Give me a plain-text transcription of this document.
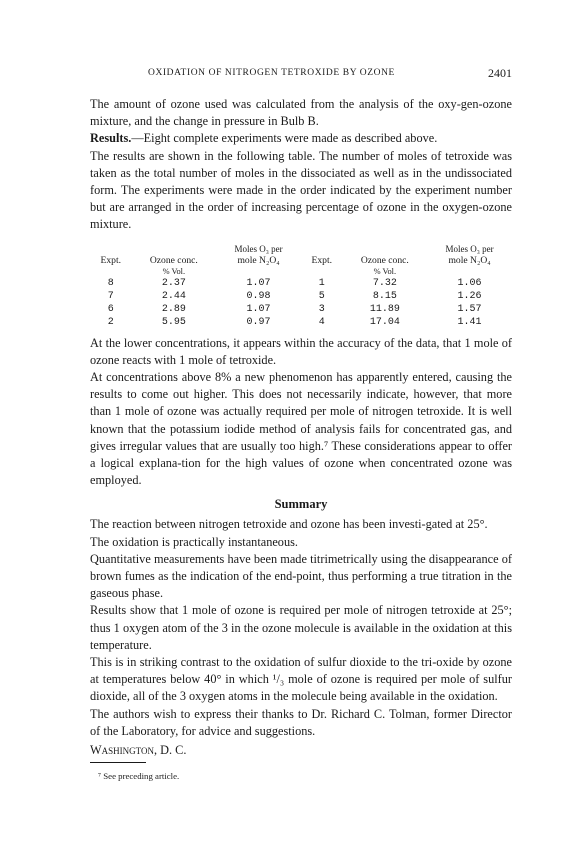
OXIDATION OF NITROGEN TETROXIDE BY OZONE	2401

The amount of ozone used was calculated from the analysis of the oxy-gen-ozone mixture, and the change in pressure in Bulb B.

Results.—Eight complete experiments were made as described above.

The results are shown in the following table. The number of moles of tetroxide was taken as the total number of moles in the dissociated as well as in the undissociated form. The experiments were made in the order indicated by the experiment number but are arranged in the order of increasing percentage of ozone in the oxygen-ozone mixture.

		Moles O₃ per			Moles O₃ per
Expt.	Ozone conc.	mole N₂O₄	Expt.	Ozone conc.	mole N₂O₄
	% Vol.			% Vol.	
8	2.37	1.07	1	7.32	1.06
7	2.44	0.98	5	8.15	1.26
6	2.89	1.07	3	11.89	1.57
2	5.95	0.97	4	17.04	1.41

At the lower concentrations, it appears within the accuracy of the data, that 1 mole of ozone reacts with 1 mole of tetroxide.

At concentrations above 8% a new phenomenon has apparently entered, causing the results to come out higher. This does not necessarily indicate, however, that more than 1 mole of ozone was actually required per mole of nitrogen tetroxide. It is well known that the potassium iodide method of analysis fails for concentrated gas, and gives irregular values that are usually too high.⁷ These considerations appear to offer a logical explana-tion for the high values of ozone when concentrated ozone was employed.

Summary

The reaction between nitrogen tetroxide and ozone has been investi-gated at 25°.

The oxidation is practically instantaneous.

Quantitative measurements have been made titrimetrically using the disappearance of brown fumes as the indication of the end-point, thus performing a true titration in the gaseous phase.

Results show that 1 mole of ozone is required per mole of nitrogen tetroxide at 25°; thus 1 oxygen atom of the 3 in the ozone molecule is available in the oxidation at this temperature.

This is in striking contrast to the oxidation of sulfur dioxide to the tri-oxide by ozone at temperatures below 40° in which ¹/₃ mole of ozone is required per mole of sulfur dioxide, all of the 3 oxygen atoms in the molecule being available in the oxidation.

The authors wish to express their thanks to Dr. Richard C. Tolman, former Director of the Laboratory, for advice and suggestions.

Washington, D. C.

⁷ See preceding article.
